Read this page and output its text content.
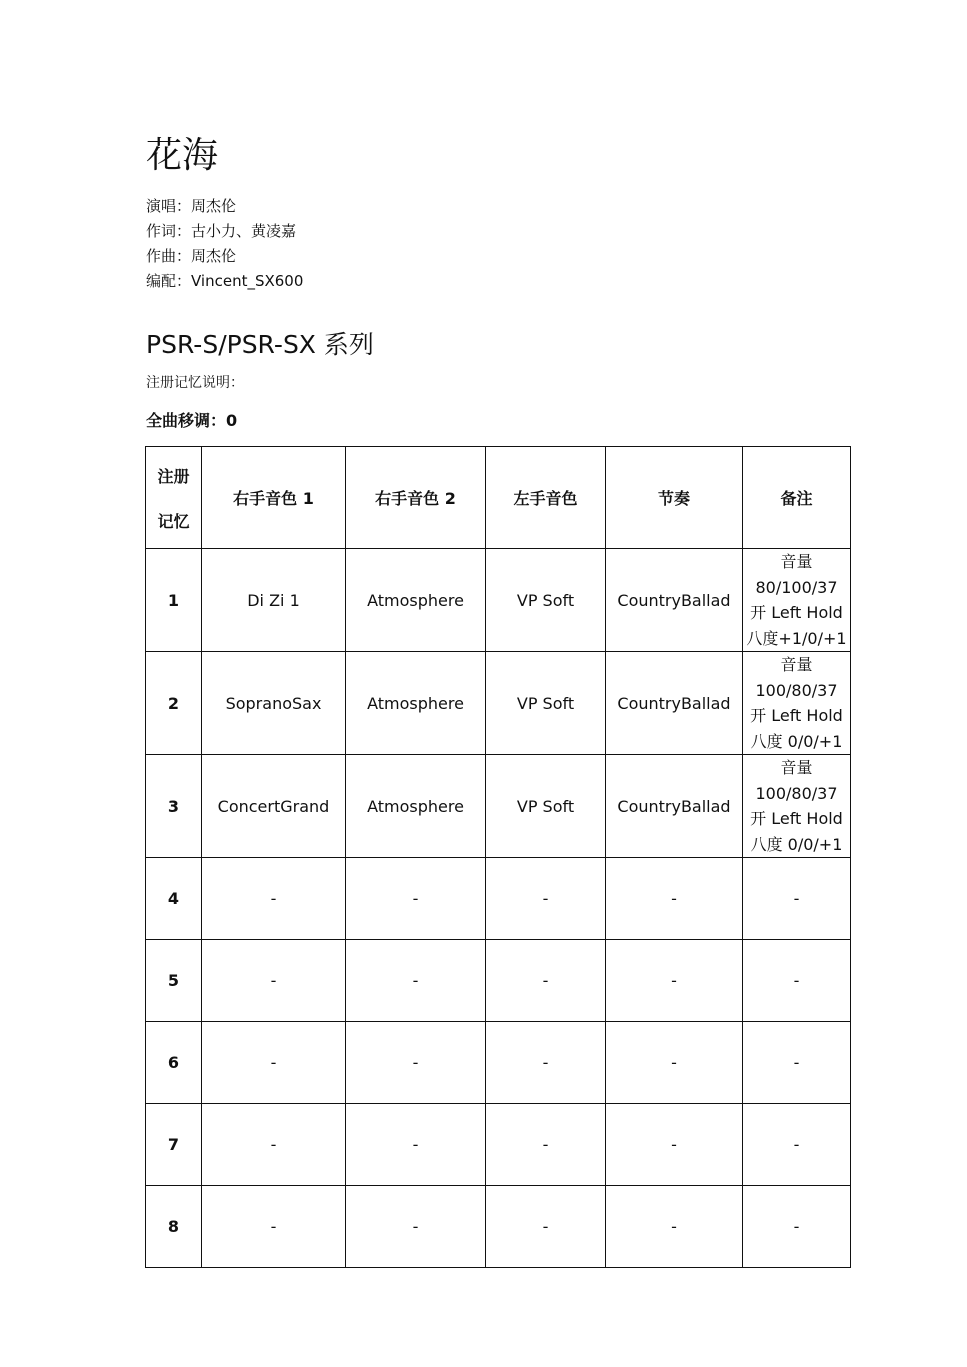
花海
演唱：周杰伦
作词：古小力、黄凌嘉
作曲：周杰伦
编配：Vincent_SX600
PSR-S/PSR-SX 系列
注册记忆说明：
全曲移调：0
注册
记忆	右手音色 1	右手音色 2	左手音色	节奏	备注
1	Di Zi 1	Atmosphere	VP Soft	CountryBallad	音量 80/100/37
开 Left Hold
八度+1/0/+1

2	SopranoSax	Atmosphere	VP Soft	CountryBallad	音量 100/80/37
开 Left Hold
八度 0/0/+1

3	ConcertGrand	Atmosphere	VP Soft	CountryBallad	音量 100/80/37
开 Left Hold
八度 0/0/+1

4	-	-	-	-	-
5	-	-	-	-	-
6	-	-	-	-	-
7	-	-	-	-	-
8	-	-	-	-	-
